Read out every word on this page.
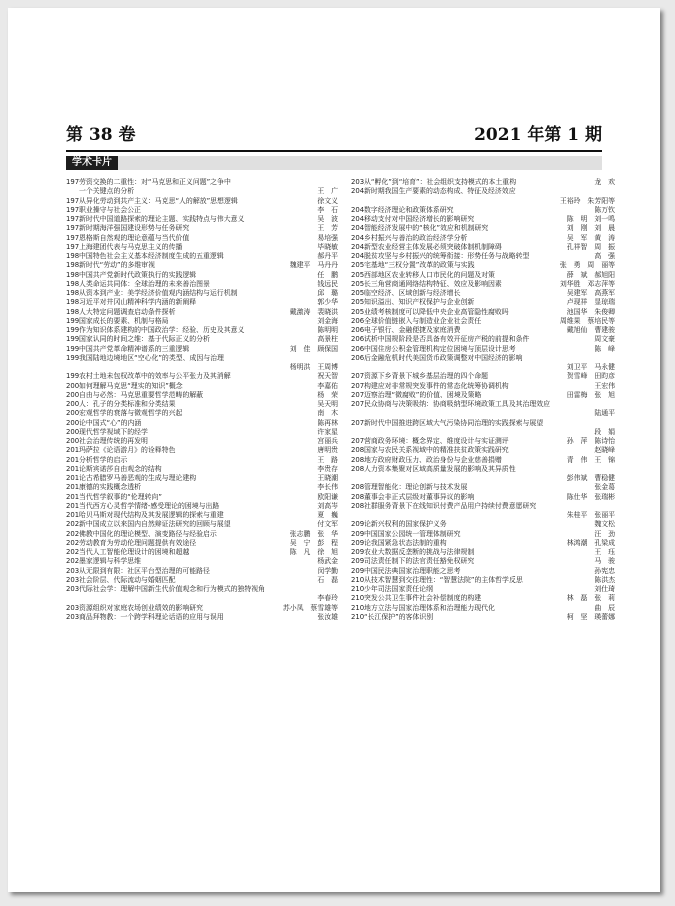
第 38 卷	2021 年第 1 期
学术卡片
197 劳资交换的二重性：对“马克思和正义问题”之争中
一个关键点的分析	王　广
197 从异化劳动到共产主义：马克思“人的解放”思想逻辑	徐文义
197 职业操守与社会公正	李　石
197 新时代中国道路探索的理论主题、实践特点与伟大意义	吴　波
197 新时期海洋强国建设形势与任务研究	王　芳
197 恩格斯自然观的理论意蕴与当代价值	易培强
197 上海建团代表与马克思主义的传播	毕晓敏
198 中国特色社会主义基本经济制度生成的五重逻辑	郝丹平
198 新时代“劳动”的多维审视	魏建平　马丹丹
198 中国共产党新时代政策执行的实践逻辑	任　鹏
198 人类命运共同体：全球治理的未来善治图景	钱远民
198 从资本到产业：美学经济价值观内涵结构与运行机制	邱　璐
198 习近平对井冈山精神科学内涵的新阐释	郭少华
198 人大特定问题调查启动条件探析	戴激涛　裴晓洪
199 国家成长的要素、机制与格局	刘金海
199 作为知识体系建构的中国政治学：经验、历史及其意义	陈明明
199 国家认同的时间之维：基于代际正义的分析	高景柱
199 中国共产党革命精神谱系的三重逻辑	刘　佳　顾保国
199 我国陆地边境地区“空心化”的类型、成因与治理
杨明洪　王周博
199 农村土地未包权改革中的效率与公平张力及其消解	祝天智
200 如何理解马克思“理实的知识”概念	李嘉佑
200 自由与必然：马克思重要哲学范畴的解蔽	杨　荣
200 人：孔子的分类标准和分类结果	吴天明
200 宏观哲学的衰落与微观哲学的兴起	南　木
200 论中国式“心”的内涵	陈再林
200 现代哲学视域下的经学	许家星
200 社会治理传统的再发明	宫丽兵
201 玛萨拉《论语游月》的诠释特色	唐明贵
201 分析哲学的启示	王　路
201 论斯宾诺莎自由观念的结构	李贵存
201 论古希腊罗马善恶观的生成与理论建构	王晓潮
201 康德的实践概念透析	李长伟
201 当代哲学叙事的“伦理转向”	欧阳谦
201 当代西方心灵哲学情绪-感受理论的困境与出路	刘高岑
201 哈贝马斯对现代结构及其发展逻辑的探索与重建	夏　巍
202 新中国成立以来国内自然辩证法研究的回顾与展望	付文军
202 佛教中国化的理论模型、演变路径与经验启示	张志鹏　张　华
202 劳动教育为劳动伦理问题提供有效途径	吴　宁　彭　程
202 当代人工智能伦理设计的困境和超越	陈　凡　徐　旭
202 墨家逻辑与科学思维	杨武金
203 从无限到有限：社区平台型治理的可能路径	闵学勤
203 社会阶层、代际流动与婚姻匹配	石　磊
203 代际社会学：理解中国新生代价值观念和行为模式的独特视角
李春玲
203 资源组织对家庭农场创业绩效的影响研究	苏小凤　蔡雪雄等
203 商品拜物教：一个跨学科理论话语的应用与误用	张汝雄
203 从“孵化”到“培育”：社会组织支持模式的本土重构	龙　欢
204 新时期我国生产要素的动态构成、特征及经济效应
王裕玲　朱芳阳等
204 数字经济理论和政策体系研究	陈万钦
204 移动支付对中国经济增长的影响研究	陈　明　刘一鸣
204 智能经济发展中的“核化”效应和机制研究	刘　刚　刘　晨
204 乡村振兴与善治的政治经济学分析	吴　军　黄　涛
204 新型农业经营主体发展必须突破体制机制障碍	孔祥智　周　振
204 脱贫攻坚与乡村振兴的统筹衔接：形势任务与战略转型	高　强
205 宅基地“三权分置”改革的政策与实践	张　勇　周　丽等
205 西部地区农业转移人口市民化的问题及对策	薛　斌　郝旭阳
205 长三角营商通网络结构特征、效应及影响因素	刘华胜　邓志萍等
205 临空经济、区域创新与经济增长	吴建军　高燕军
205 知识溢出、知识产权保护与企业创新	卢现祥　显琼瑞
205 业绩考核制度可以降低中央企业高管隐性腐败吗	池国华　朱俊卿
206 全球价值链嵌入与制造业企业社会责任	周维果　蔡培民等
206 电子银行、金融便捷及家庭消费	戴旭仙　曹建骏
206 试析中国规阶段是否具备有效开征房产税的前提和条件	周文豪
206 中国住房公积金管理机构定位困境与顶层设计思考	陈　峰
206 后金融危机时代美国货币政策调整对中国经济的影响
刘卫平　马永健
207 资源下乡背景下城乡基层治理的四个命题	贺雪峰　田昀彦
207 构建应对非常规突发事件的常态化统筹协调机构	王宏伟
207 迈察治理“微腐败”的价值、困境及策略	田雷梅　张　旭
207 民众协商与决策吸纳：协商吸纳型环境政策工具及其治理效应
陆通平
207 新时代中国推进跨区域大气污染协同治理的实践探索与展望
段　娟
207 营商政务环境：概念界定、维度设计与实证测评	孙　萍　陈诗怡
208 国家与农民关系视域中的精准扶贫政策实践研究	赵晓峰
208 地方政府财政压力、政治身份与企业慈善捐赠	青　伟　王　锦
208 人力资本集聚对区域高质量发展的影响及其异质性
彭伟斌　曹稳健
208 管理智能化：理论创新与技术发展	张金葛
208 董事会非正式层级对董事异议的影响	陈仕华　张瑞彬
208 社群服务背景下在线知识付费产品用户持续付费意愿研究
朱桂平　张丽平
209 论新兴权利的国家保护义务	魏文松
209 中国国家公园统一管理体制研究	汪　劲
209 论我国紧急状态法制的重构	林鸿潮　孔梁成
209 农业大数据反垄断的挑战与法律规制	王　珏
209 司法责任制下的法官责任豁免权研究	马　骏
209 中国民法典国家治理职能之思考	孙宪忠
210 从技术智慧到交往理性：“智慧法院”的主体哲学反思	陈洪杰
210 少年司法国家责任论纲	刘仕琦
210 突发公共卫生事件社会补偿制度的构建	林　磊　张　莉
210 地方立法与国家治理体系和治理能力现代化	曲　辰
210 “长江保护”的客体识别	柯　坚　瑛蕾娜
